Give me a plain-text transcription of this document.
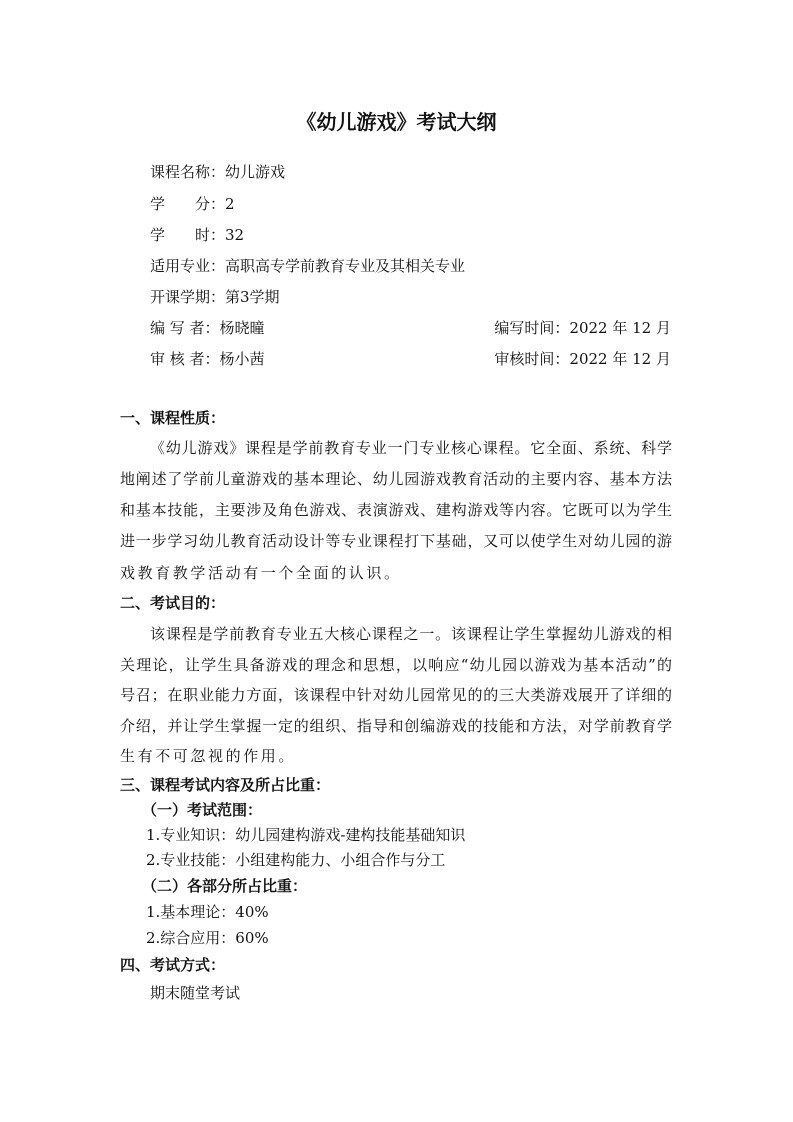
《幼儿游戏》考试大纲
课程名称：幼儿游戏
学　　分：2
学　　时：32
适用专业：高职高专学前教育专业及其相关专业
开课学期：第3学期
编 写 者：杨晓曈	编写时间：2022 年 12 月
审 核 者：杨小茜	审核时间：2022 年 12 月
一、课程性质：
《幼儿游戏》课程是学前教育专业一门专业核心课程。它全面、系统、科学
地阐述了学前儿童游戏的基本理论、幼儿园游戏教育活动的主要内容、基本方法
和基本技能，主要涉及角色游戏、表演游戏、建构游戏等内容。它既可以为学生
进一步学习幼儿教育活动设计等专业课程打下基础，又可以使学生对幼儿园的游
戏教育教学活动有一个全面的认识。
二、考试目的：
该课程是学前教育专业五大核心课程之一。该课程让学生掌握幼儿游戏的相
关理论，让学生具备游戏的理念和思想，以响应“幼儿园以游戏为基本活动”的
号召；在职业能力方面，该课程中针对幼儿园常见的的三大类游戏展开了详细的
介绍，并让学生掌握一定的组织、指导和创编游戏的技能和方法，对学前教育学
生有不可忽视的作用。
三、课程考试内容及所占比重：
（一）考试范围：
1.专业知识：幼儿园建构游戏-建构技能基础知识
2.专业技能：小组建构能力、小组合作与分工
（二）各部分所占比重：
1.基本理论：40%
2.综合应用：60%
四、考试方式：
期末随堂考试
